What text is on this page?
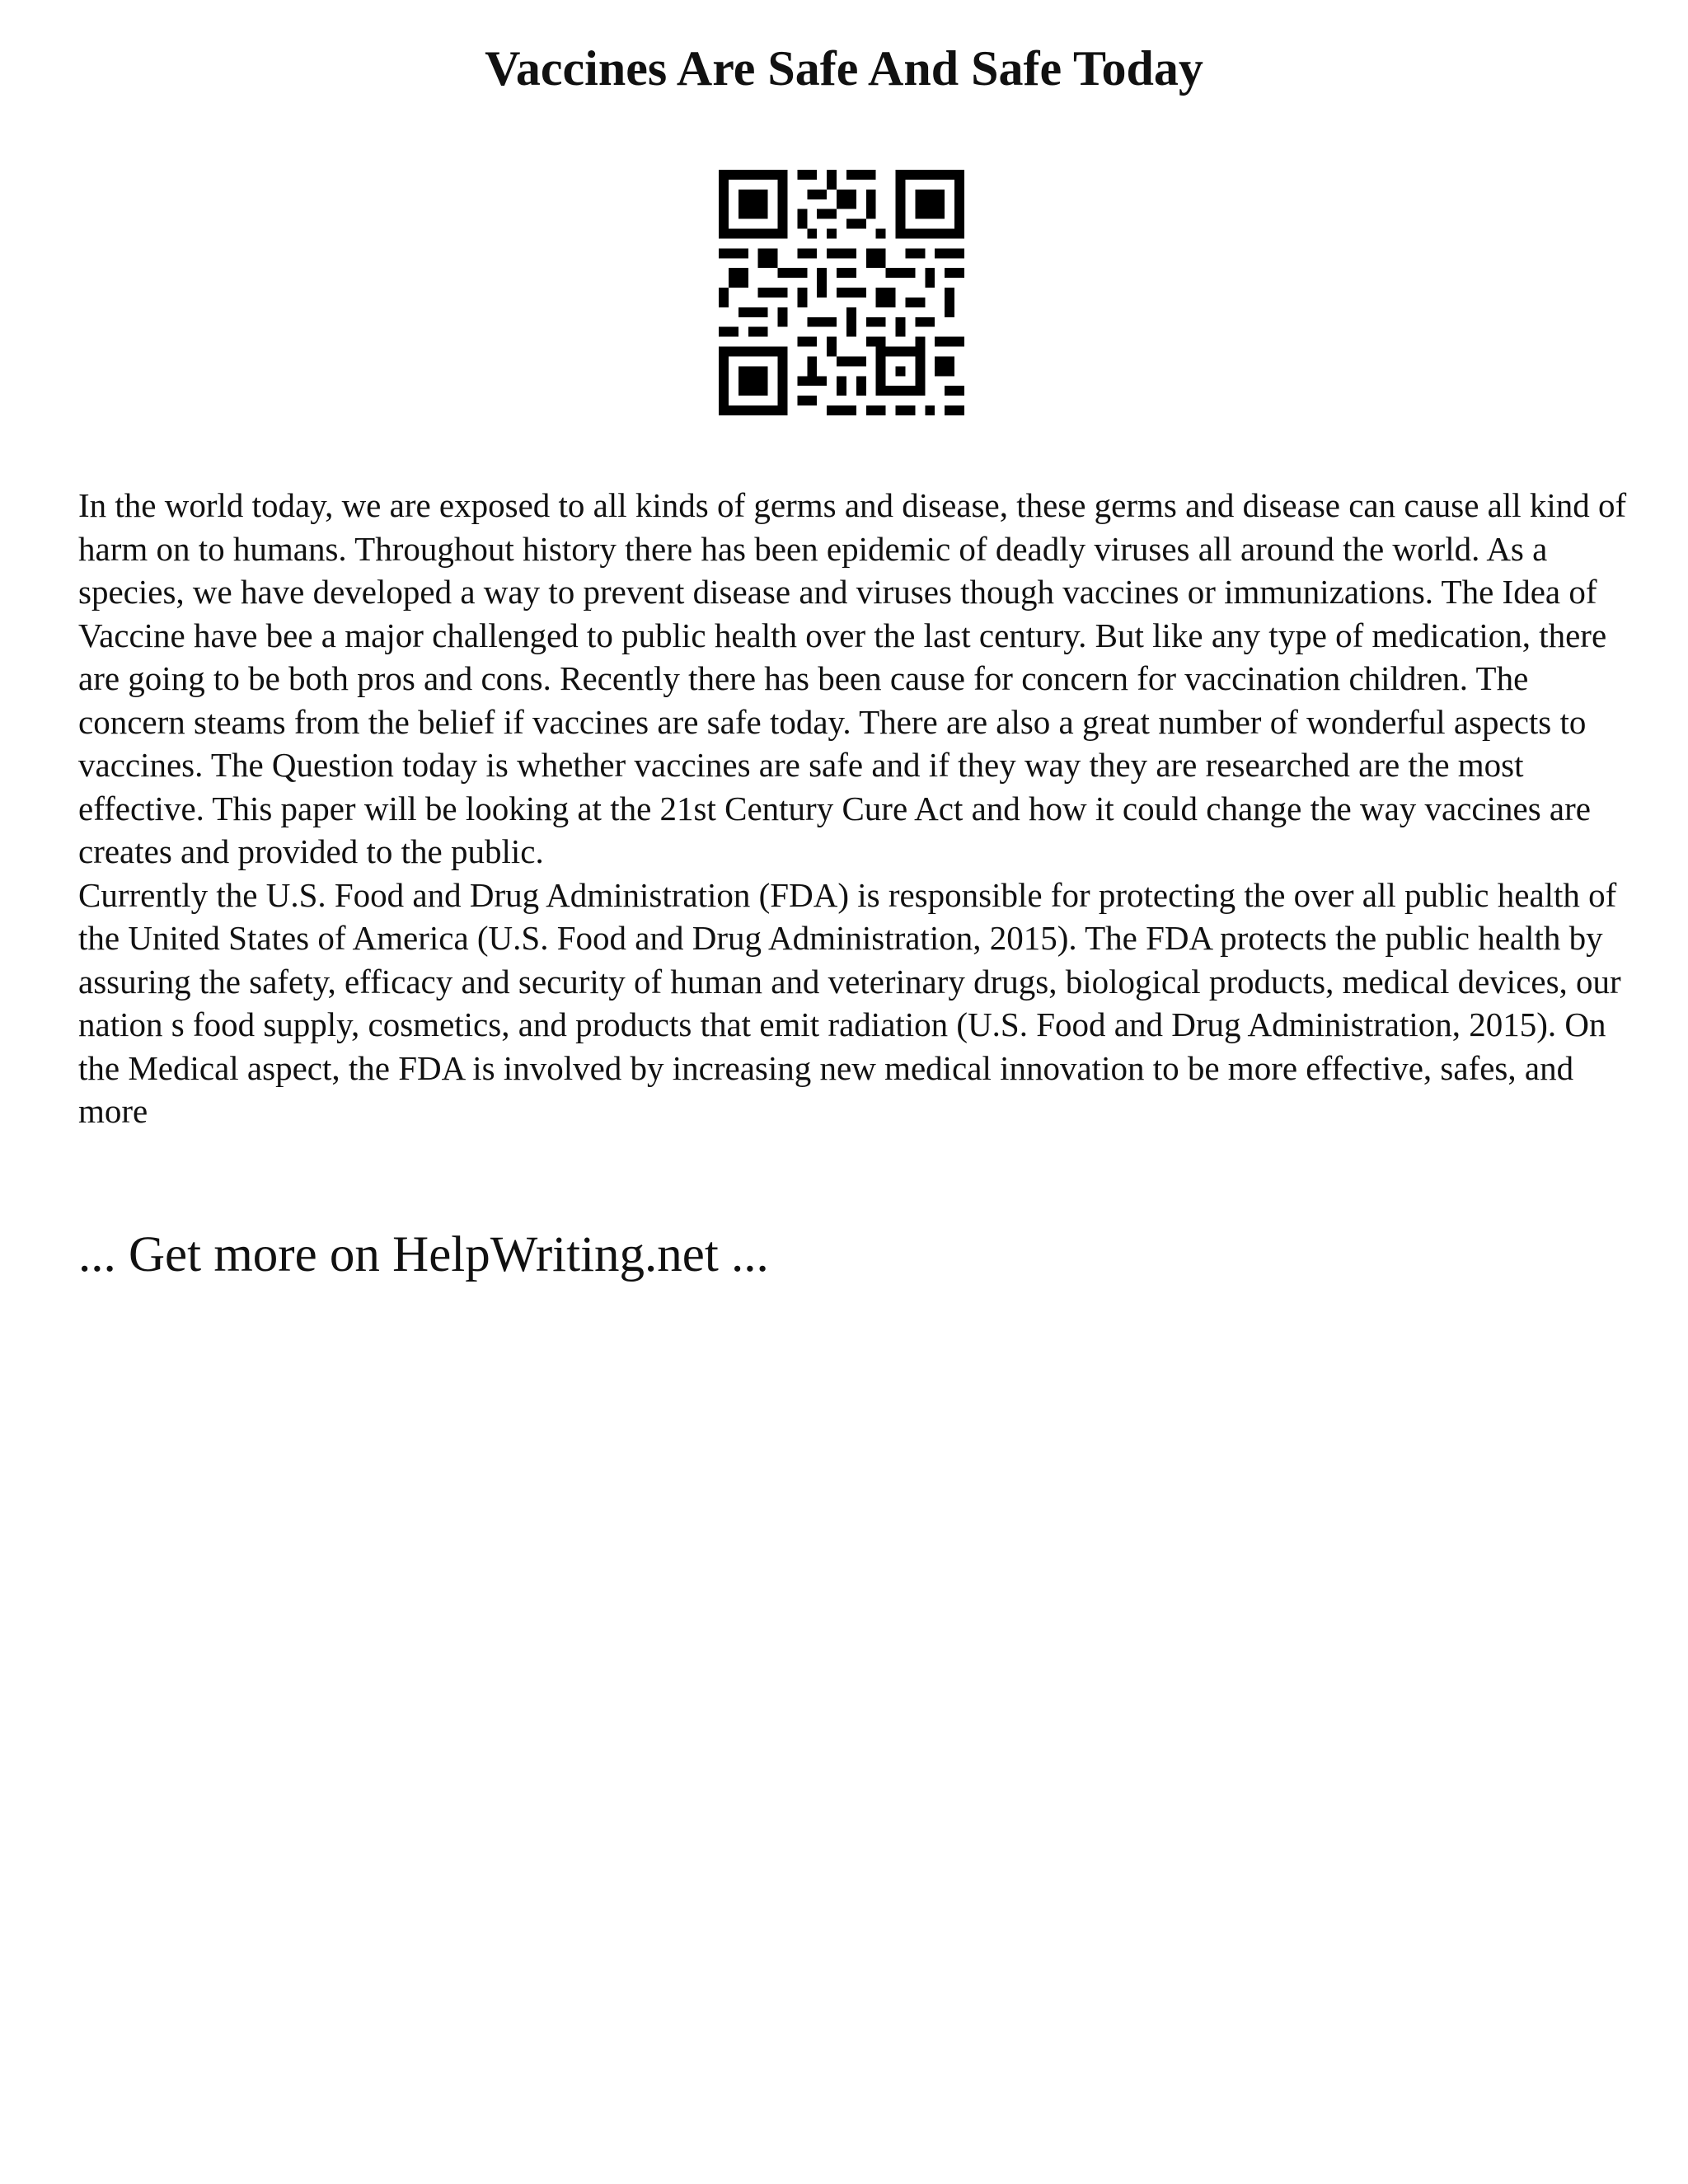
Vaccines Are Safe And Safe Today

In the world today, we are exposed to all kinds of germs and disease, these germs and disease can cause all kind of harm on to humans. Throughout history there has been epidemic of deadly viruses all around the world. As a species, we have developed a way to prevent disease and viruses though vaccines or immunizations. The Idea of Vaccine have bee a major challenged to public health over the last century. But like any type of medication, there are going to be both pros and cons. Recently there has been cause for concern for vaccination children. The concern steams from the belief if vaccines are safe today. There are also a great number of wonderful aspects to vaccines. The Question today is whether vaccines are safe and if they way they are researched are the most effective. This paper will be looking at the 21st Century Cure Act and how it could change the way vaccines are creates and provided to the public.

Currently the U.S. Food and Drug Administration (FDA) is responsible for protecting the over all public health of the United States of America (U.S. Food and Drug Administration, 2015). The FDA protects the public health by assuring the safety, efficacy and security of human and veterinary drugs, biological products, medical devices, our nation s food supply, cosmetics, and products that emit radiation (U.S. Food and Drug Administration, 2015). On the Medical aspect, the FDA is involved by increasing new medical innovation to be more effective, safes, and more

... Get more on HelpWriting.net ...
